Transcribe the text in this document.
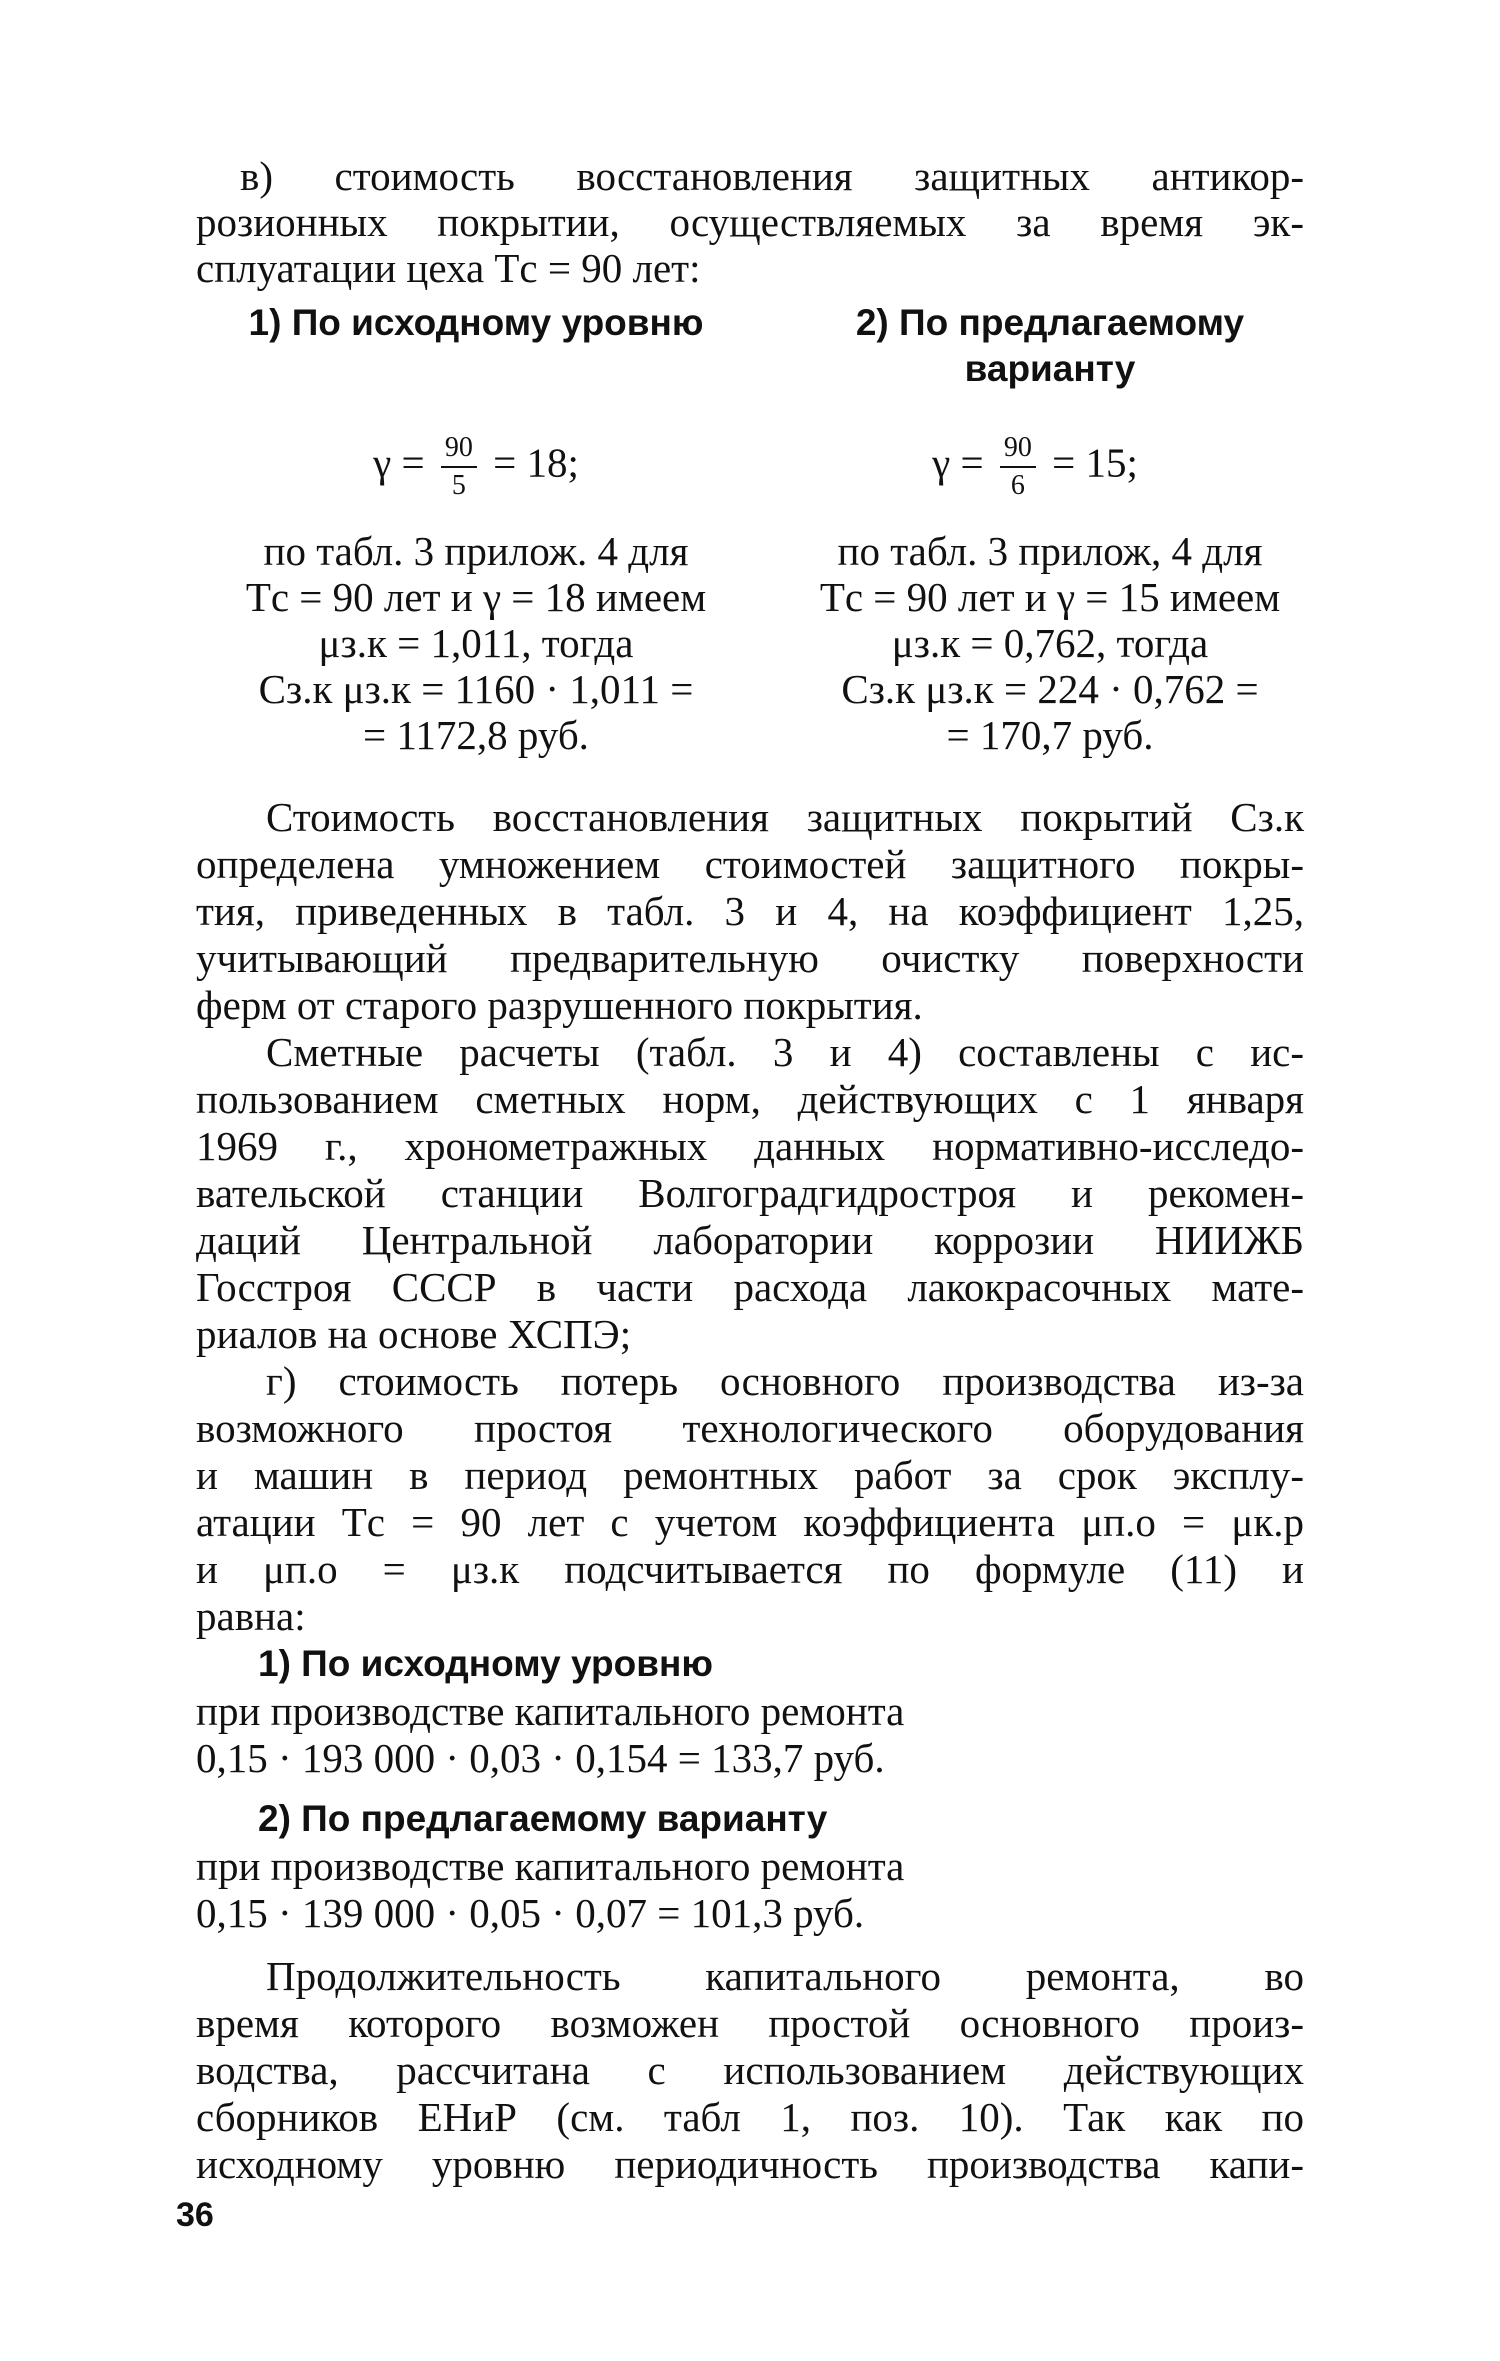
в) стоимость восстановления защитных антикор-
розионных покрытии, осуществляемых за время эк-
сплуатации цеха Tс = 90 лет:
1) По исходному уровню
$\gamma = \frac{90}{5} = 18$;
по табл. 3 прилож. 4 для
Tс = 90 лет и γ = 18 имеем
μз.к = 1,011, тогда
Cз.к μз.к = 1160 · 1,011 =
= 1172,8 руб.
2) По предлагаемому
варианту
$\gamma = \frac{90}{6} = 15$;
по табл. 3 прилож, 4 для
Tс = 90 лет и γ = 15 имеем
μз.к = 0,762, тогда
Cз.к μз.к = 224 · 0,762 =
= 170,7 руб.
Стоимость восстановления защитных покрытий Cз.к
определена умножением стоимостей защитного покры-
тия, приведенных в табл. 3 и 4, на коэффициент 1,25,
учитывающий предварительную очистку поверхности
ферм от старого разрушенного покрытия.
Сметные расчеты (табл. 3 и 4) составлены с ис-
пользованием сметных норм, действующих с 1 января
1969 г., хронометражных данных нормативно-исследо-
вательской станции Волгоградгидростроя и рекомен-
даций Центральной лаборатории коррозии НИИЖБ
Госстроя СССР в части расхода лакокрасочных мате-
риалов на основе ХСПЭ;
г) стоимость потерь основного производства из-за
возможного простоя технологического оборудования
и машин в период ремонтных работ за срок эксплу-
атации Tс = 90 лет с учетом коэффициента μп.о = μк.р
и μп.о = μз.к подсчитывается по формуле (11) и
равна:
1) По исходному уровню
при производстве капитального ремонта
0,15 · 193 000 · 0,03 · 0,154 = 133,7 руб.
2) По предлагаемому варианту
при производстве капитального ремонта
0,15 · 139 000 · 0,05 · 0,07 = 101,3 руб.
Продолжительность капитального ремонта, во
время которого возможен простой основного произ-
водства, рассчитана с использованием действующих
сборников ЕНиР (см. табл 1, поз. 10). Так как по
исходному уровню периодичность производства капи-
36
